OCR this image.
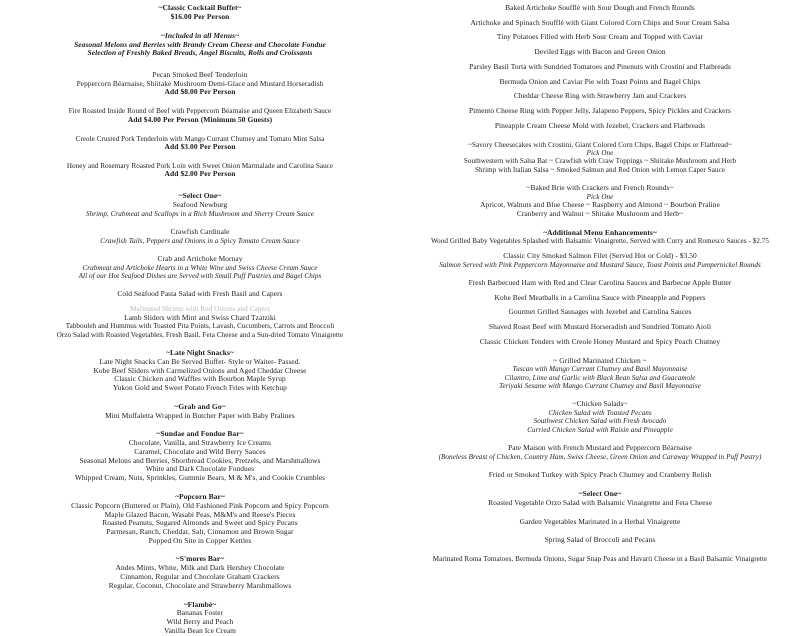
~Classic Cocktail Buffet~
$16.00 Per Person
~Included in all Menus~
Seasonal Melons and Berries with Brandy Cream Cheese and Chocolate Fondue
Selection of Freshly Baked Breads, Angel Biscuits, Rolls and Croissants
Pecan Smoked Beef Tenderloin
Peppercorn Béarnaise, Shiitake Mushroom Demi-Glace and Mustard Horseradish
Add $8.00 Per Person
Fire Roasted Inside Round of Beef with Peppercorn Béarnaise and Queen Elizabeth Sauce
Add $4.00 Per Person (Minimum 50 Guests)
Creole Crusted Pork Tenderloin with Mango Currant Chutney and Tomato Mint Salsa
Add $3.00 Per Person
Honey and Rosemary Roasted Pork Loin with Sweet Onion Marmalade and Carolina Sauce
Add $2.00 Per Person
~Select One~
Seafood Newburg
Shrimp, Crabmeat and Scallops in a Rich Mushroom and Sherry Cream Sauce
Crawfish Cardinale
Crawfish Tails, Peppers and Onions in a Spicy Tomato Cream Sauce
Crab and Artichoke Mornay
Crabmeat and Artichoke Hearts in a White Wine and Swiss Cheese Cream Sauce
All of our Hot Seafood Dishes are Served with Small Puff Pastries and Bagel Chips
Cold Seafood Pasta Salad with Fresh Basil and Capers
Marinated Shrimp with Red Onions and Capers
Lamb Sliders with Mint and Swiss Chard Tzatziki
Tabbouleh and Hummus with Toasted Pita Points, Lavash, Cucumbers, Carrots and Broccoli
Orzo Salad with Roasted Vegetables, Fresh Basil, Feta Cheese and a Sun-dried Tomato Vinaigrette
~Late Night Snacks~
Late Night Snacks Can Be Served Buffet- Style or Waiter- Passed.
Kobe Beef Sliders with Carmelized Onions and Aged Cheddar Cheese
Classic Chicken and Waffles with Bourbon Maple Syrup
Yukon Gold and Sweet Potato French Fries with Ketchup
~Grab and Go~
Mini Muffaletta Wrapped in Butcher Paper with Baby Pralines
~Sundae and Fondue Bar~
Chocolate, Vanilla, and Strawberry Ice Creams
Caramel, Chocolate and Wild Berry Sauces
Seasonal Melons and Berries, Shortbread Cookies, Pretzels, and Marshmallows
White and Dark Chocolate Fondues
Whipped Cream, Nuts, Sprinkles, Gummie Bears, M & M's, and Cookie Crumbles
~Popcorn Bar~
Classic Popcorn (Buttered or Plain), Old Fashioned Pink Popcorn and Spicy Popcorn
Maple Glazed Bacon, Wasabi Peas, M&M's and Reese's Pieces
Roasted Peanuts, Sugared Almonds and Sweet and Spicy Pecans
Parmesan, Ranch, Cheddar, Salt, Cinnamon and Brown Sugar
Popped On Site in Copper Kettles
~S'mores Bar~
Andes Mints, White, Milk and Dark Hershey Chocolate
Cinnamon, Regular and Chocolate Graham Crackers
Regular, Coconut, Chocolate and Strawberry Marshmallows
~Flambé~
Bananas Foster
Wild Berry and Peach
Vanilla Bean Ice Cream
Baked Artichoke Soufflé with Sour Dough and French Rounds
Artichoke and Spinach Soufflé with Giant Colored Corn Chips and Sour Cream Salsa
Tiny Potatoes Filled with Herb Sour Cream and Topped with Caviar
Deviled Eggs with Bacon and Green Onion
Parsley Basil Torta with Sundried Tomatoes and Pinenuts with Crostini and Flatbreads
Bermuda Onion and Caviar Pie with Toast Points and Bagel Chips
Cheddar Cheese Ring with Strawberry Jam and Crackers
Pimento Cheese Ring with Pepper Jelly, Jalapeno Peppers, Spicy Pickles and Crackers
Pineapple Cream Cheese Mold with Jezebel, Crackers and Flatbreads
~Savory Cheesecakes with Crostini, Giant Colored Corn Chips, Bagel Chips or Flatbread~
Pick One
Southwestern with Salsa Bar ~ Crawfish with Craw Toppings ~ Shiitake Mushroom and Herb
Shrimp with Italian Salsa ~ Smoked Salmon and Red Onion with Lemon Caper Sauce
~Baked Brie with Crackers and French Rounds~
Pick One
Apricot, Walnuts and Blue Cheese ~ Raspberry and Almond ~ Bourbon Praline
Cranberry and Walnut ~ Shitake Mushroom and Herb~
~Additional Menu Enhancements~
Wood Grilled Baby Vegetables Splashed with Balsamic Vinaigrette, Served with Curry and Romesco Sauces - $2.75
Classic City Smoked Salmon Filet (Served Hot or Cold) - $3.50
Salmon Served with Pink Peppercorn Mayonnaise and Mustard Sauce, Toast Points and Pumpernickel Rounds
Fresh Barbecued Ham with Red and Clear Carolina Sauces and Barbecue Apple Butter
Kobe Beef Meatballs in a Carolina Sauce with Pineapple and Peppers
Gourmet Grilled Sausages with Jezebel and Carolina Sauces
Shaved Roast Beef with Mustard Horseradish and Sundried Tomato Aioli
Classic Chicken Tenders with Creole Honey Mustard and Spicy Peach Chutney
~ Grilled Marinated Chicken ~
Tuscan with Mango Currant Chutney and Basil Mayonnaise
Cilantro, Lime and Garlic with Black Bean Salsa and Guacamole
Teriyaki Sesame with Mango Currant Chutney and Basil Mayonnaise
~Chicken Salads~
Chicken Salad with Toasted Pecans
Southwest Chicken Salad with Fresh Avocado
Curried Chicken Salad with Raisin and Pineapple
Pate Maison with French Mustard and Peppercorn Béarnaise
(Boneless Breast of Chicken, Country Ham, Swiss Cheese, Green Onion and Caraway Wrapped in Puff Pastry)
Fried or Smoked Turkey with Spicy Peach Chutney and Cranberry Relish
~Select One~
Roasted Vegetable Orzo Salad with Balsamic Vinaigrette and Feta Cheese
Garden Vegetables Marinated in a Herbal Vinaigrette
Spring Salad of Broccoli and Pecans
Marinated Roma Tomatoes, Bermuda Onions, Sugar Snap Peas and Havarti Cheese in a Basil Balsamic Vinaigrette
